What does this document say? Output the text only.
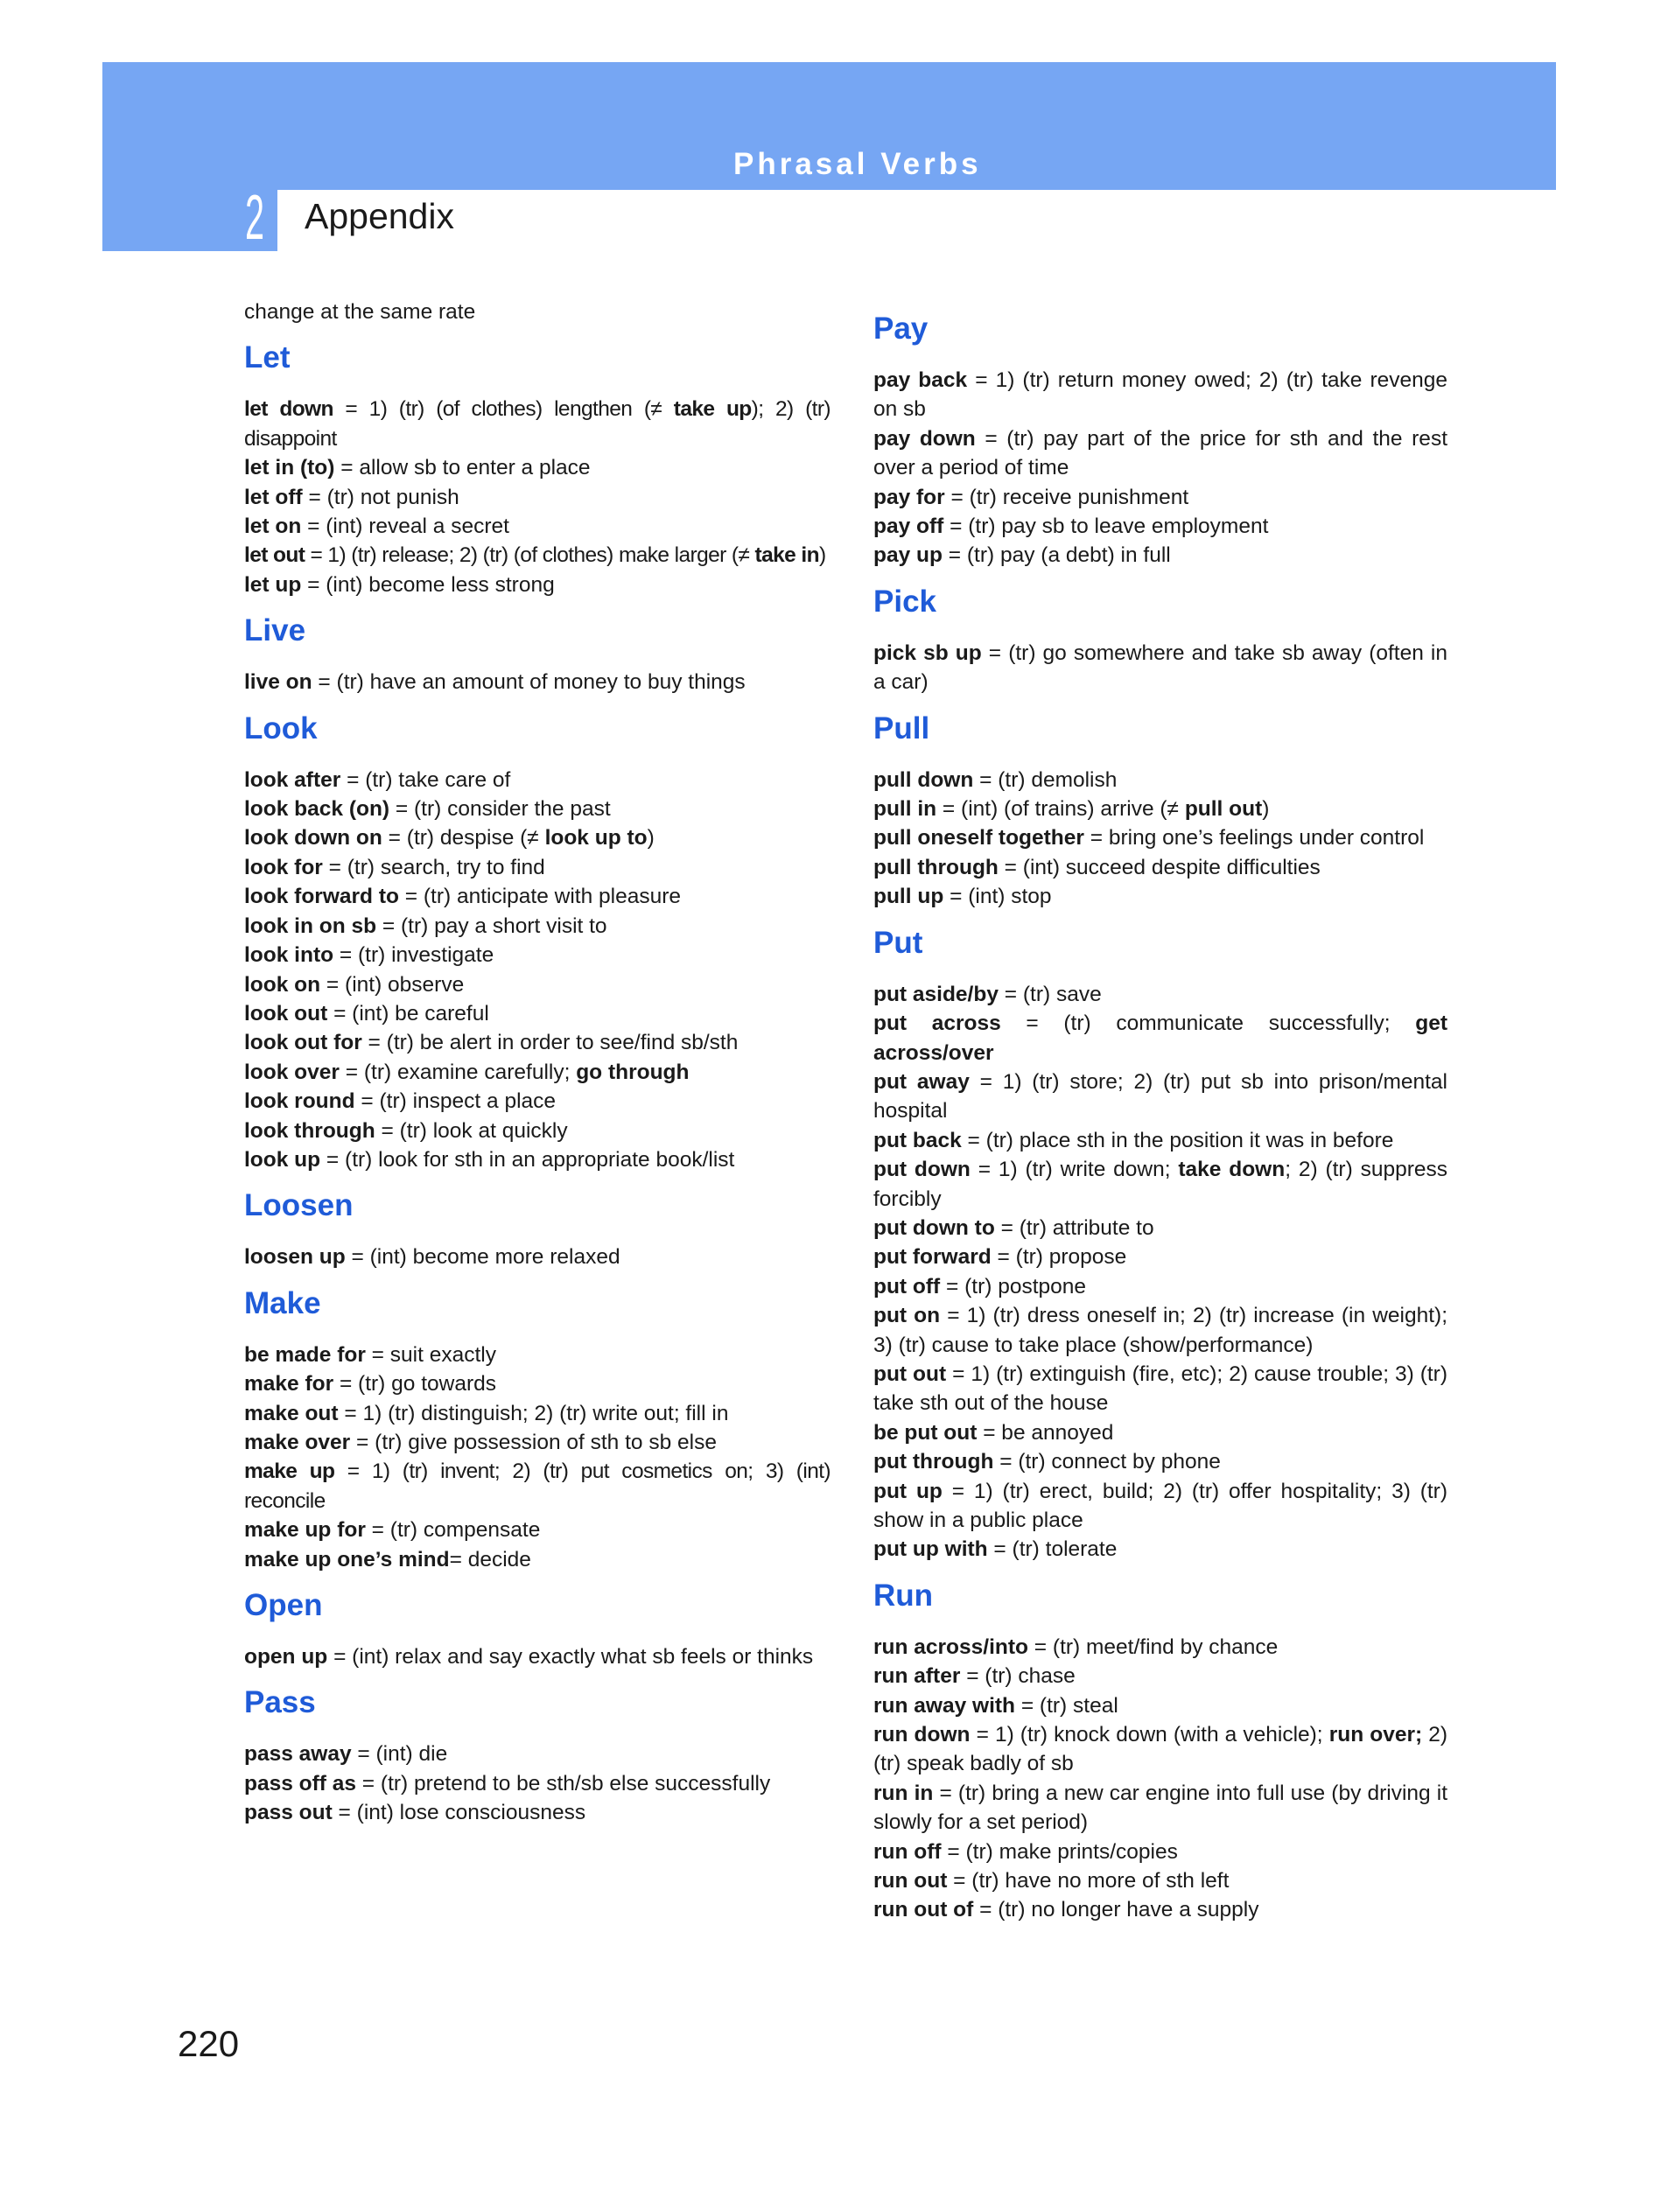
Phrasal Verbs
2 Appendix
change at the same rate
Let
let down = 1) (tr) (of clothes) lengthen (≠ take up); 2) (tr) disappoint
let in (to) = allow sb to enter a place
let off = (tr) not punish
let on = (int) reveal a secret
let out = 1) (tr) release; 2) (tr) (of clothes) make larger (≠ take in)
let up = (int) become less strong
Live
live on = (tr) have an amount of money to buy things
Look
look after = (tr) take care of
look back (on) = (tr) consider the past
look down on = (tr) despise (≠ look up to)
look for = (tr) search, try to find
look forward to = (tr) anticipate with pleasure
look in on sb = (tr) pay a short visit to
look into = (tr) investigate
look on = (int) observe
look out = (int) be careful
look out for = (tr) be alert in order to see/find sb/sth
look over = (tr) examine carefully; go through
look round = (tr) inspect a place
look through = (tr) look at quickly
look up = (tr) look for sth in an appropriate book/list
Loosen
loosen up = (int) become more relaxed
Make
be made for = suit exactly
make for = (tr) go towards
make out = 1) (tr) distinguish; 2) (tr) write out; fill in
make over = (tr) give possession of sth to sb else
make up = 1) (tr) invent; 2) (tr) put cosmetics on; 3) (int) reconcile
make up for = (tr) compensate
make up one’s mind= decide
Open
open up = (int) relax and say exactly what sb feels or thinks
Pass
pass away = (int) die
pass off as = (tr) pretend to be sth/sb else successfully
pass out = (int) lose consciousness
Pay
pay back = 1) (tr) return money owed; 2) (tr) take revenge on sb
pay down = (tr) pay part of the price for sth and the rest over a period of time
pay for = (tr) receive punishment
pay off = (tr) pay sb to leave employment
pay up = (tr) pay (a debt) in full
Pick
pick sb up = (tr) go somewhere and take sb away (often in a car)
Pull
pull down = (tr) demolish
pull in = (int) (of trains) arrive (≠ pull out)
pull oneself together = bring one’s feelings under control
pull through = (int) succeed despite difficulties
pull up = (int) stop
Put
put aside/by = (tr) save
put across = (tr) communicate successfully; get across/over
put away = 1) (tr) store; 2) (tr) put sb into prison/mental hospital
put back = (tr) place sth in the position it was in before
put down = 1) (tr) write down; take down; 2) (tr) suppress forcibly
put down to = (tr) attribute to
put forward = (tr) propose
put off = (tr) postpone
put on = 1) (tr) dress oneself in; 2) (tr) increase (in weight); 3) (tr) cause to take place (show/performance)
put out = 1) (tr) extinguish (fire, etc); 2) cause trouble; 3) (tr) take sth out of the house
be put out = be annoyed
put through = (tr) connect by phone
put up = 1) (tr) erect, build; 2) (tr) offer hospitality; 3) (tr) show in a public place
put up with = (tr) tolerate
Run
run across/into = (tr) meet/find by chance
run after = (tr) chase
run away with = (tr) steal
run down = 1) (tr) knock down (with a vehicle); run over; 2) (tr) speak badly of sb
run in = (tr) bring a new car engine into full use (by driving it slowly for a set period)
run off = (tr) make prints/copies
run out = (tr) have no more of sth left
run out of = (tr) no longer have a supply
220
